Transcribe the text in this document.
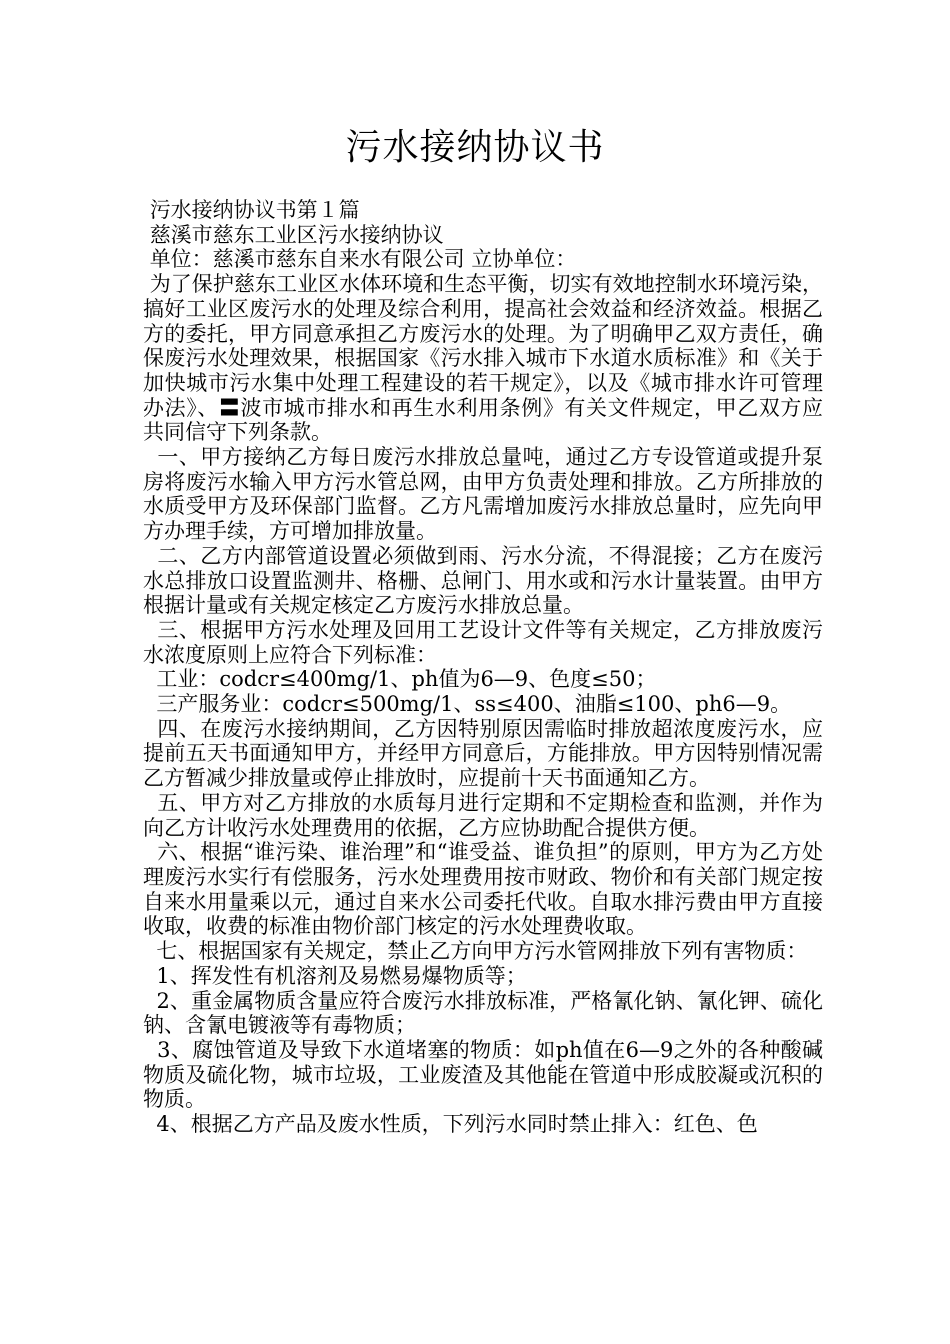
污水接纳协议书

污水接纳协议书第１篇

慈溪市慈东工业区污水接纳协议

单位：慈溪市慈东自来水有限公司 立协单位：

为了保护慈东工业区水体环境和生态平衡，切实有效地控制水环境污染，搞好工业区废污水的处理及综合利用，提高社会效益和经济效益。根据乙方的委托，甲方同意承担乙方废污水的处理。为了明确甲乙双方责任，确保废污水处理效果，根据国家《污水排入城市下水道水质标准》和《关于加快城市污水集中处理工程建设的若干规定》，以及《城市排水许可管理办法》、〓波市城市排水和再生水利用条例》有关文件规定，甲乙双方应共同信守下列条款。

一、甲方接纳乙方每日废污水排放总量吨，通过乙方专设管道或提升泵房将废污水输入甲方污水管总网，由甲方负责处理和排放。乙方所排放的水质受甲方及环保部门监督。乙方凡需增加废污水排放总量时，应先向甲方办理手续，方可增加排放量。

二、乙方内部管道设置必须做到雨、污水分流，不得混接；乙方在废污水总排放口设置监测井、格栅、总闸门、用水或和污水计量装置。由甲方根据计量或有关规定核定乙方废污水排放总量。

三、根据甲方污水处理及回用工艺设计文件等有关规定，乙方排放废污水浓度原则上应符合下列标准：

工业：codcr≤400mg/1、ph值为6—9、色度≤50；

三产服务业：codcr≤500mg/1、ss≤400、油脂≤100、ph6—9。

四、在废污水接纳期间，乙方因特别原因需临时排放超浓度废污水，应提前五天书面通知甲方，并经甲方同意后，方能排放。甲方因特别情况需乙方暂减少排放量或停止排放时，应提前十天书面通知乙方。

五、甲方对乙方排放的水质每月进行定期和不定期检查和监测，并作为向乙方计收污水处理费用的依据，乙方应协助配合提供方便。

六、根据“谁污染、谁治理”和“谁受益、谁负担”的原则，甲方为乙方处理废污水实行有偿服务，污水处理费用按市财政、物价和有关部门规定按自来水用量乘以元，通过自来水公司委托代收。自取水排污费由甲方直接收取，收费的标准由物价部门核定的污水处理费收取。

七、根据国家有关规定，禁止乙方向甲方污水管网排放下列有害物质：

1、挥发性有机溶剂及易燃易爆物质等；

2、重金属物质含量应符合废污水排放标准，严格氰化钠、氰化钾、硫化钠、含氰电镀液等有毒物质；

3、腐蚀管道及导致下水道堵塞的物质：如ph值在6—9之外的各种酸碱物质及硫化物，城市垃圾，工业废渣及其他能在管道中形成胶凝或沉积的物质。

4、根据乙方产品及废水性质，下列污水同时禁止排入：红色、色
